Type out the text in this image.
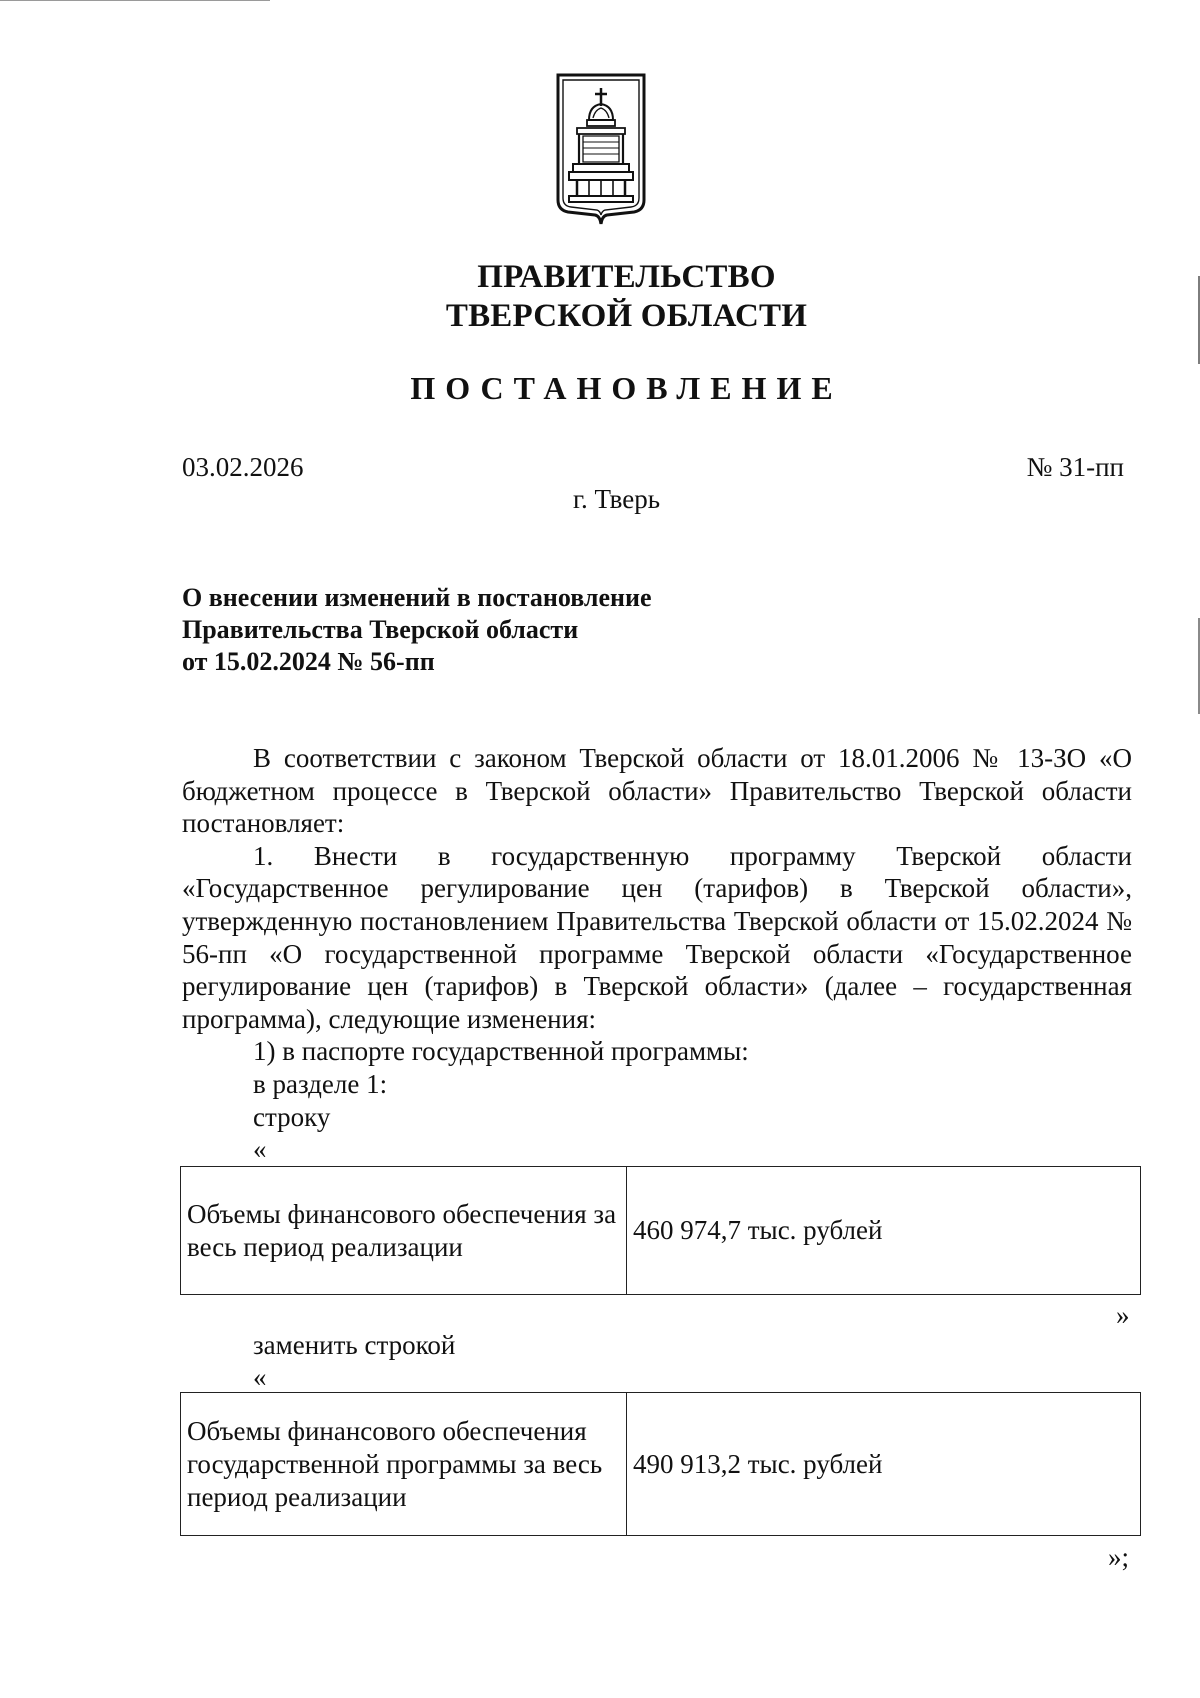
ПРАВИТЕЛЬСТВО
ТВЕРСКОЙ ОБЛАСТИ
ПОСТАНОВЛЕНИЕ
03.02.2026	№ 31-пп
г. Тверь
О внесении изменений в постановление
Правительства Тверской области
от 15.02.2024 № 56-пп

В соответствии с законом Тверской области от 18.01.2006 № 13-ЗО «О бюджетном процессе в Тверской области» Правительство Тверской области постановляет:

1. Внести в государственную программу Тверской области «Государственное регулирование цен (тарифов) в Тверской области», утвержденную постановлением Правительства Тверской области от 15.02.2024 № 56-пп «О государственной программе Тверской области «Государственное регулирование цен (тарифов) в Тверской области» (далее – государственная программа), следующие изменения:

1) в паспорте государственной программы:

в разделе 1:

строку

«

Объемы финансового обеспечения за весь период реализации	460 974,7 тыс. рублей
»
заменить строкой
«
Объемы финансового обеспечения государственной программы за весь период реализации	490 913,2 тыс. рублей
»;
